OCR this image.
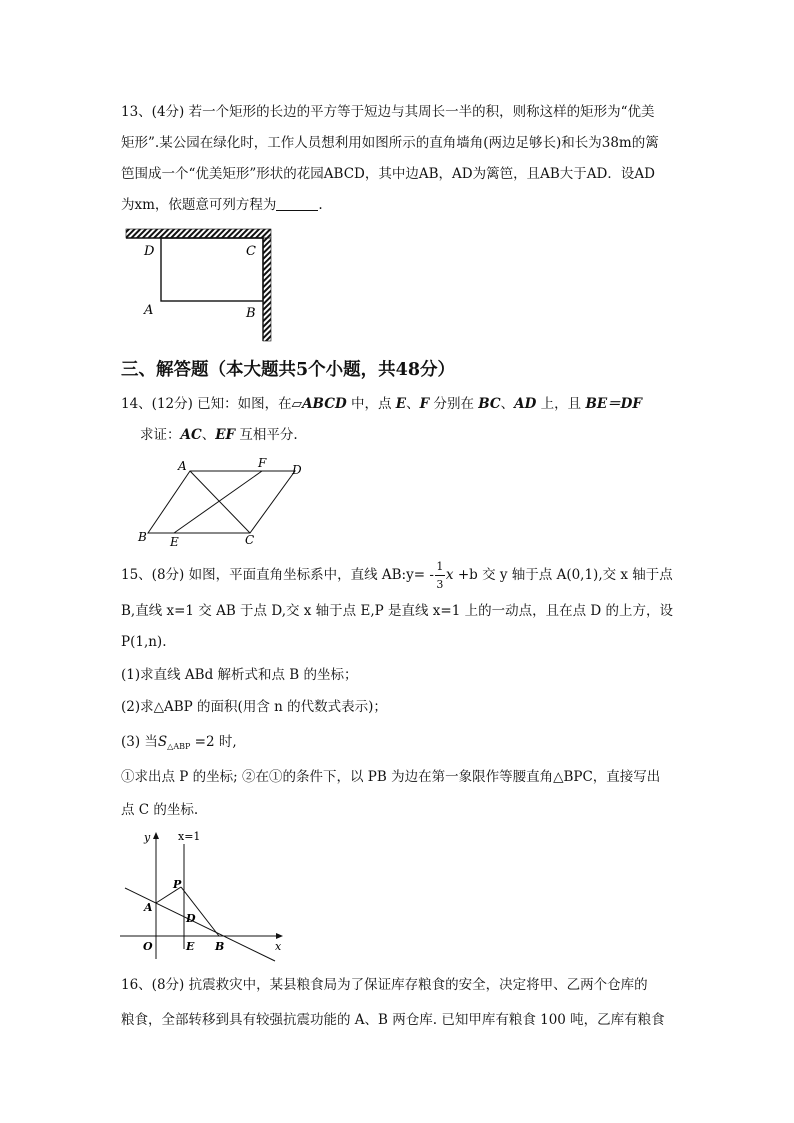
13、(4分) 若一个矩形的长边的平方等于短边与其周长一半的积，则称这样的矩形为“优美
矩形”.某公园在绿化时，工作人员想利用如图所示的直角墙角(两边足够长)和长为38m的篱
笆围成一个“优美矩形”形状的花园ABCD，其中边AB，AD为篱笆，且AB大于AD．设AD
为xm，依题意可列方程为	.
D	C
A	B
三、解答题（本大题共5个小题，共48分）
14、(12分) 已知：如图，在▱ABCD 中，点 E、F 分别在 BC、AD 上，且 BE＝DF
求证：AC、EF 互相平分.
A	F D
B E	C
15、(8分) 如图，平面直角坐标系中，直线 AB:y= - $\frac{1}{3}$ x +b 交 y 轴于点 A(0,1),交 x 轴于点
B,直线 x=1 交 AB 于点 D,交 x 轴于点 E,P 是直线 x=1 上的一动点，且在点 D 的上方，设
P(1,n).
(1)求直线 ABd 解析式和点 B 的坐标；
(2)求△ABP 的面积(用含 n 的代数式表示)；
(3) 当$S_{\triangle ABP} =2$ 时,
①求出点 P 的坐标; ②在①的条件下，以 PB 为边在第一象限作等腰直角△BPC，直接写出
点 C 的坐标.
y	x=1
P
A
D
O	E B	x
16、(8分) 抗震救灾中，某县粮食局为了保证库存粮食的安全，决定将甲、乙两个仓库的
粮食，全部转移到具有较强抗震功能的 A、B 两仓库. 已知甲库有粮食 100 吨，乙库有粮食
